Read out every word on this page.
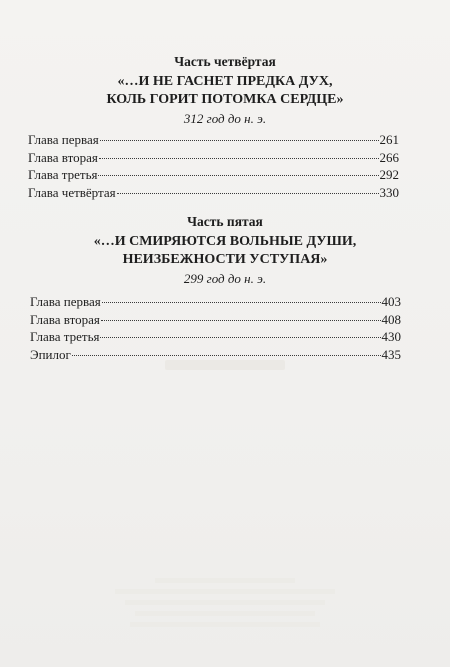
Часть четвёртая

«…И НЕ ГАСНЕТ ПРЕДКА ДУХ,

КОЛЬ ГОРИТ ПОТОМКА СЕРДЦЕ»

312 год до н. э.

Глава первая	261
Глава вторая	266
Глава третья	292
Глава четвёртая	330

Часть пятая

«…И СМИРЯЮТСЯ ВОЛЬНЫЕ ДУШИ,

НЕИЗБЕЖНОСТИ УСТУПАЯ»

299 год до н. э.

Глава первая	403
Глава вторая	408
Глава третья	430
Эпилог	435
